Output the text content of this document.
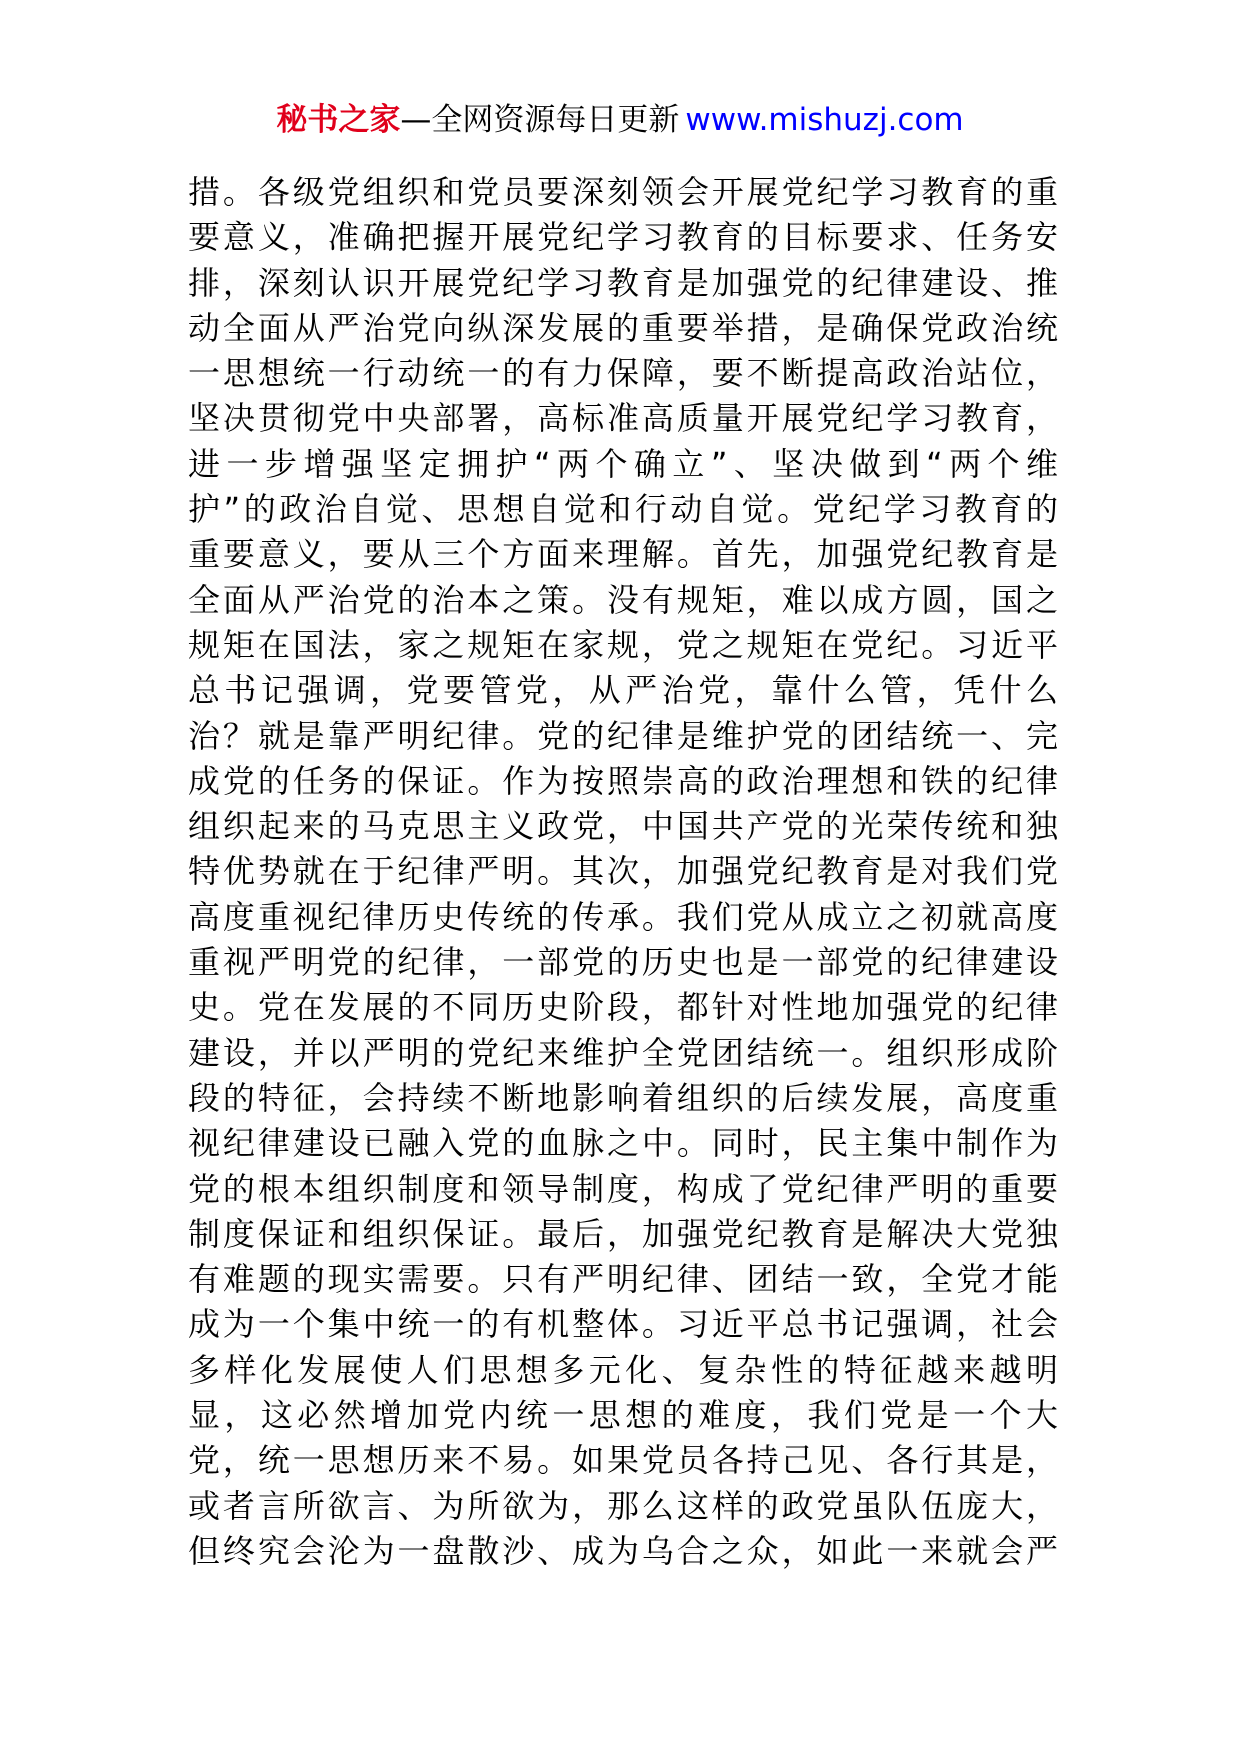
秘书之家—全网资源每日更新 www.mishuzj.com
措。各级党组织和党员要深刻领会开展党纪学习教育的重
要意义，准确把握开展党纪学习教育的目标要求、任务安
排，深刻认识开展党纪学习教育是加强党的纪律建设、推
动全面从严治党向纵深发展的重要举措，是确保党政治统
一思想统一行动统一的有力保障，要不断提高政治站位，
坚决贯彻党中央部署，高标准高质量开展党纪学习教育，
进一步增强坚定拥护“两个确立”、坚决做到“两个维
护”的政治自觉、思想自觉和行动自觉。党纪学习教育的
重要意义，要从三个方面来理解。首先，加强党纪教育是
全面从严治党的治本之策。没有规矩，难以成方圆，国之
规矩在国法，家之规矩在家规，党之规矩在党纪。习近平
总书记强调，党要管党，从严治党，靠什么管，凭什么
治？就是靠严明纪律。党的纪律是维护党的团结统一、完
成党的任务的保证。作为按照崇高的政治理想和铁的纪律
组织起来的马克思主义政党，中国共产党的光荣传统和独
特优势就在于纪律严明。其次，加强党纪教育是对我们党
高度重视纪律历史传统的传承。我们党从成立之初就高度
重视严明党的纪律，一部党的历史也是一部党的纪律建设
史。党在发展的不同历史阶段，都针对性地加强党的纪律
建设，并以严明的党纪来维护全党团结统一。组织形成阶
段的特征，会持续不断地影响着组织的后续发展，高度重
视纪律建设已融入党的血脉之中。同时，民主集中制作为
党的根本组织制度和领导制度，构成了党纪律严明的重要
制度保证和组织保证。最后，加强党纪教育是解决大党独
有难题的现实需要。只有严明纪律、团结一致，全党才能
成为一个集中统一的有机整体。习近平总书记强调，社会
多样化发展使人们思想多元化、复杂性的特征越来越明
显，这必然增加党内统一思想的难度，我们党是一个大
党，统一思想历来不易。如果党员各持己见、各行其是，
或者言所欲言、为所欲为，那么这样的政党虽队伍庞大，
但终究会沦为一盘散沙、成为乌合之众，如此一来就会严
